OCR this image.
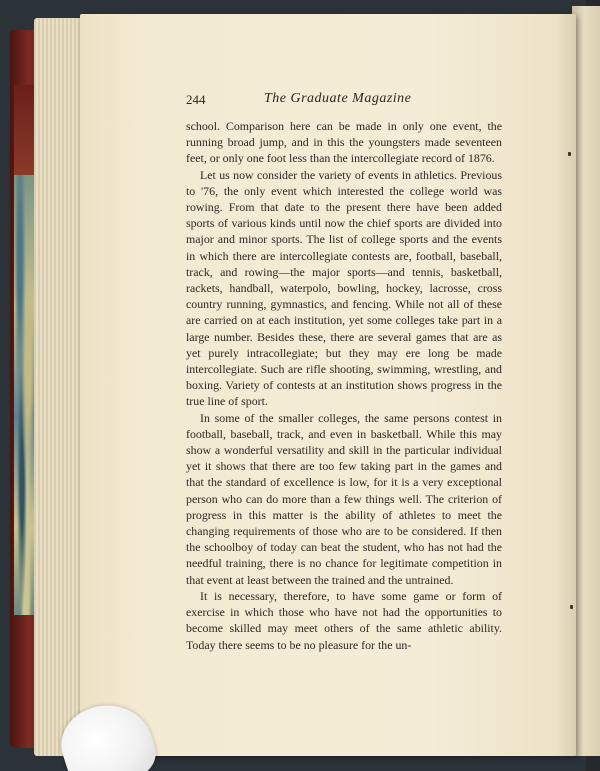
244	The Graduate Magazine

school. Comparison here can be made in only one event, the running broad jump, and in this the youngsters made seventeen feet, or only one foot less than the intercollegiate record of 1876.

Let us now consider the variety of events in athletics. Previous to '76, the only event which interested the college world was rowing. From that date to the present there have been added sports of various kinds until now the chief sports are divided into major and minor sports. The list of college sports and the events in which there are intercollegiate contests are, football, baseball, track, and rowing—the major sports—and tennis, basketball, rackets, handball, waterpolo, bowling, hockey, lacrosse, cross country running, gymnastics, and fencing. While not all of these are carried on at each institution, yet some colleges take part in a large number. Besides these, there are several games that are as yet purely intracollegiate; but they may ere long be made intercollegiate. Such are rifle shooting, swimming, wrestling, and boxing. Variety of contests at an institution shows progress in the true line of sport.

In some of the smaller colleges, the same persons contest in football, baseball, track, and even in basketball. While this may show a wonderful versatility and skill in the particular individual yet it shows that there are too few taking part in the games and that the standard of excellence is low, for it is a very exceptional person who can do more than a few things well. The criterion of progress in this matter is the ability of athletes to meet the changing requirements of those who are to be considered. If then the schoolboy of today can beat the student, who has not had the needful training, there is no chance for legitimate competition in that event at least between the trained and the untrained.

It is necessary, therefore, to have some game or form of exercise in which those who have not had the opportunities to become skilled may meet others of the same athletic ability. Today there seems to be no pleasure for the un-
